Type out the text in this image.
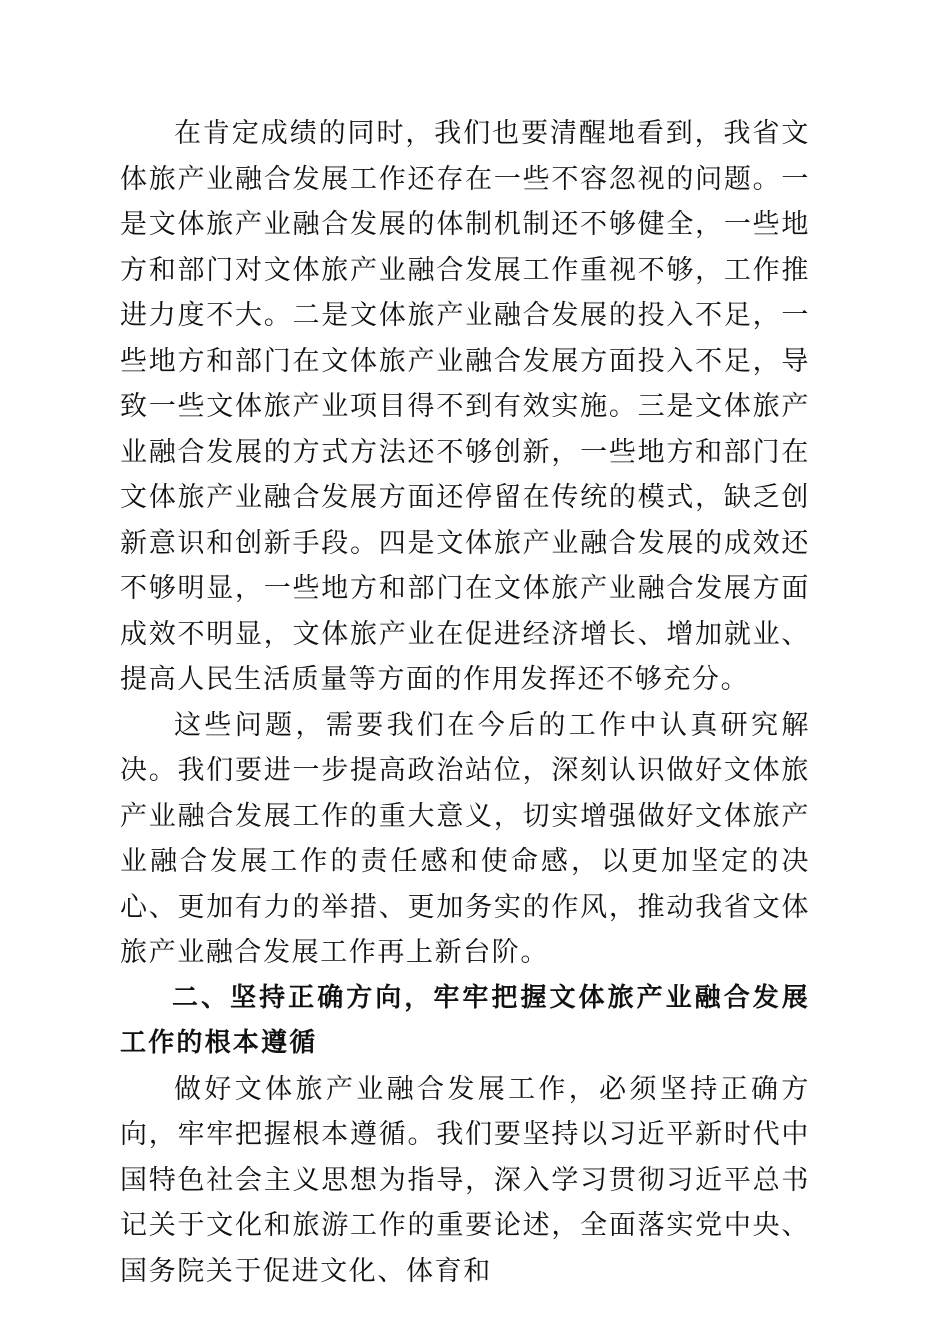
在肯定成绩的同时，我们也要清醒地看到，我省文体旅产业融合发展工作还存在一些不容忽视的问题。一是文体旅产业融合发展的体制机制还不够健全，一些地方和部门对文体旅产业融合发展工作重视不够，工作推进力度不大。二是文体旅产业融合发展的投入不足，一些地方和部门在文体旅产业融合发展方面投入不足，导致一些文体旅产业项目得不到有效实施。三是文体旅产业融合发展的方式方法还不够创新，一些地方和部门在文体旅产业融合发展方面还停留在传统的模式，缺乏创新意识和创新手段。四是文体旅产业融合发展的成效还不够明显，一些地方和部门在文体旅产业融合发展方面成效不明显，文体旅产业在促进经济增长、增加就业、提高人民生活质量等方面的作用发挥还不够充分。

这些问题，需要我们在今后的工作中认真研究解决。我们要进一步提高政治站位，深刻认识做好文体旅产业融合发展工作的重大意义，切实增强做好文体旅产业融合发展工作的责任感和使命感，以更加坚定的决心、更加有力的举措、更加务实的作风，推动我省文体旅产业融合发展工作再上新台阶。

二、坚持正确方向，牢牢把握文体旅产业融合发展工作的根本遵循

做好文体旅产业融合发展工作，必须坚持正确方向，牢牢把握根本遵循。我们要坚持以习近平新时代中国特色社会主义思想为指导，深入学习贯彻习近平总书记关于文化和旅游工作的重要论述，全面落实党中央、国务院关于促进文化、体育和
